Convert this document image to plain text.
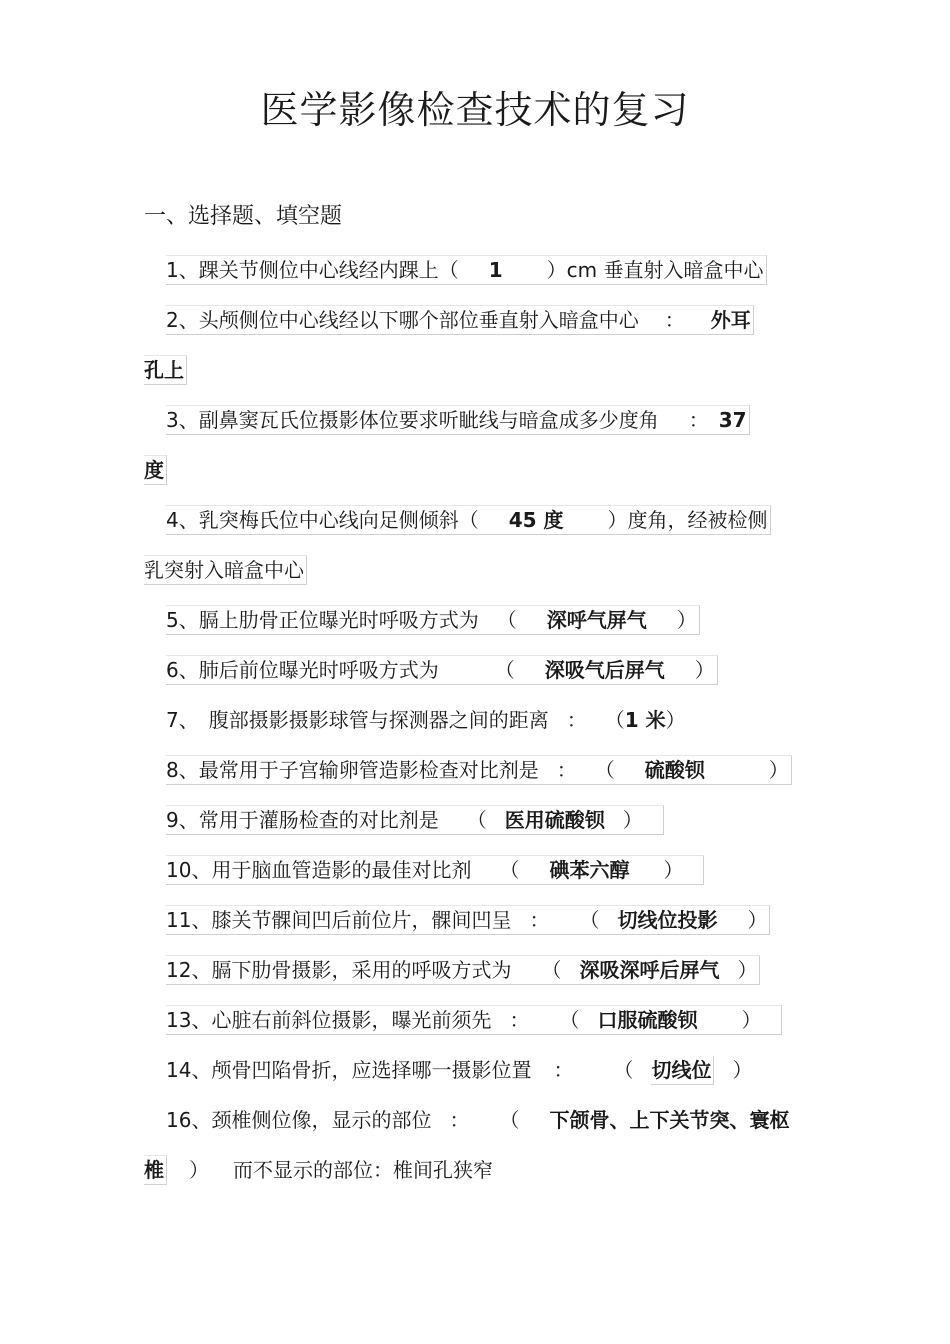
医学影像检查技术的复习
一、选择题、填空题
1、踝关节侧位中心线经内踝上（ 1 ）cm 垂直射入暗盒中心
2、头颅侧位中心线经以下哪个部位垂直射入暗盒中心 ： 外耳
孔上
3、副鼻窦瓦氏位摄影体位要求听眦线与暗盒成多少度角 ： 37
度
4、乳突梅氏位中心线向足侧倾斜（ 45 度 ）度角，经被检侧
乳突射入暗盒中心
5、膈上肋骨正位曝光时呼吸方式为 （ 深呼气屏气 ）
6、肺后前位曝光时呼吸方式为	（ 深吸气后屏气 ）
7、 腹部摄影摄影球管与探测器之间的距离 ： （1 米）
8、最常用于子宫输卵管造影检查对比剂是 ： （ 硫酸钡	）
9、常用于灌肠检查的对比剂是 （ 医用硫酸钡 ）
10、用于脑血管造影的最佳对比剂 （ 碘苯六醇 ）
11、膝关节髁间凹后前位片，髁间凹呈 ： （ 切线位投影 ）
12、膈下肋骨摄影，采用的呼吸方式为 （ 深吸深呼后屏气 ）
13、心脏右前斜位摄影，曝光前须先 ： （ 口服硫酸钡 ）
14、颅骨凹陷骨折，应选择哪一摄影位置 ： （ 切线位 ）
16、颈椎侧位像，显示的部位 ： （ 下颌骨、上下关节突、寰枢
椎 ） 而不显示的部位：椎间孔狭窄
